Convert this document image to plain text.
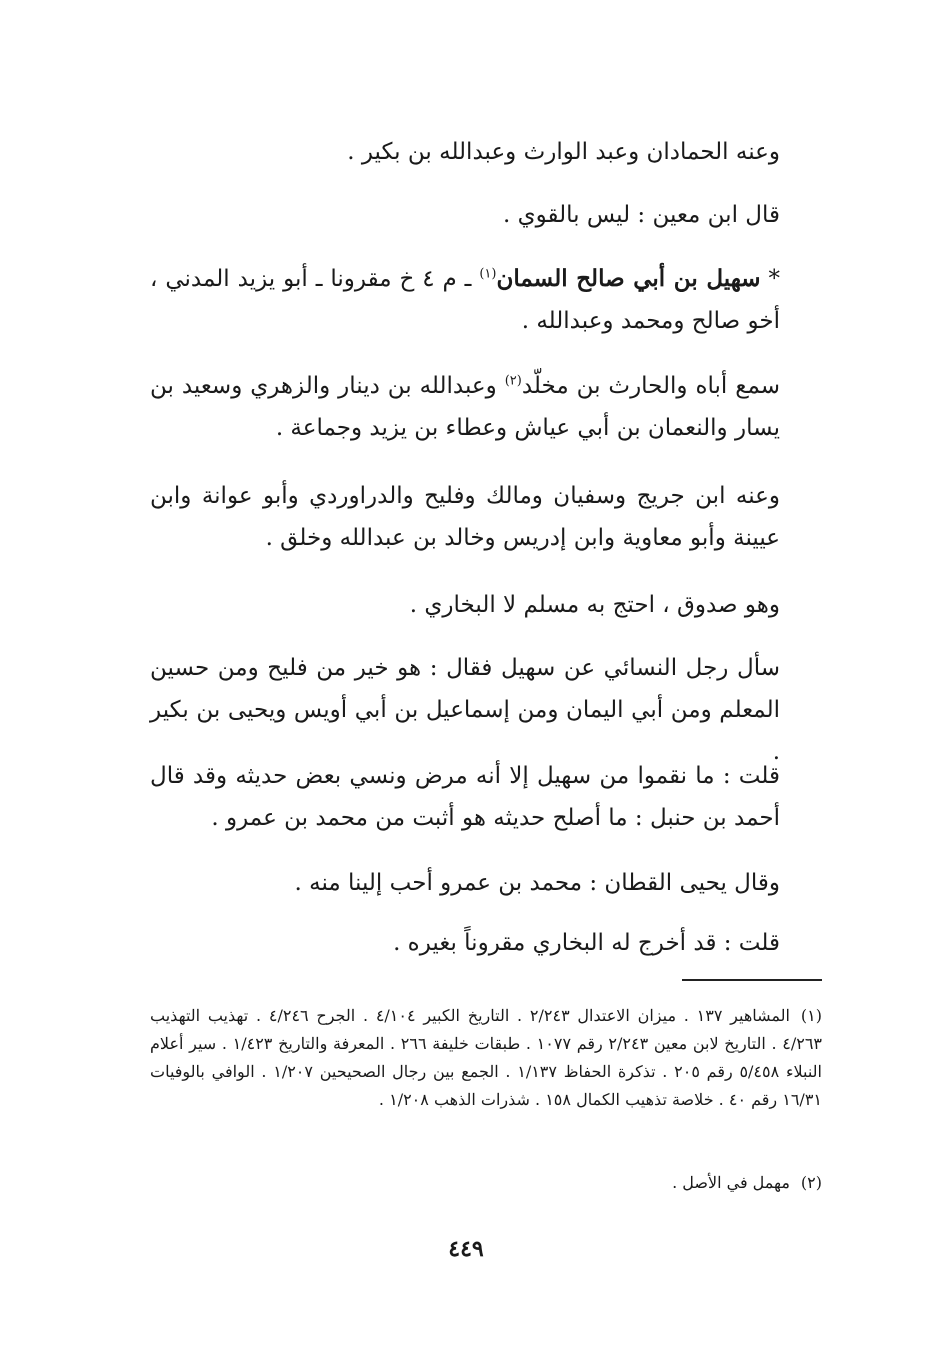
وعنه الحمادان وعبد الوارث وعبدالله بن بكير .
قال ابن معين : ليس بالقوي .
* سهيل بن أبي صالح السمان$^{(١)}$ ـ م ٤ خ مقرونا ـ أبو يزيد المدني ، أخو صالح ومحمد وعبدالله .
سمع أباه والحارث بن مخلّد$^{(٢)}$ وعبدالله بن دينار والزهري وسعيد بن يسار والنعمان بن أبي عياش وعطاء بن يزيد وجماعة .
وعنه ابن جريج وسفيان ومالك وفليح والدراوردي وأبو عوانة وابن عيينة وأبو معاوية وابن إدريس وخالد بن عبدالله وخلق .
وهو صدوق ، احتج به مسلم لا البخاري .
سأل رجل النسائي عن سهيل فقال : هو خير من فليح ومن حسين المعلم ومن أبي اليمان ومن إسماعيل بن أبي أويس ويحيى بن بكير .
قلت : ما نقموا من سهيل إلا أنه مرض ونسي بعض حديثه وقد قال أحمد بن حنبل : ما أصلح حديثه هو أثبت من محمد بن عمرو .
وقال يحيى القطان : محمد بن عمرو أحب إلينا منه .
قلت : قد أخرج له البخاري مقروناً بغيره .
(١)المشاهير ١٣٧ . ميزان الاعتدال ٢/٢٤٣ . التاريخ الكبير ٤/١٠٤ . الجرح ٤/٢٤٦ . تهذيب التهذيب ٤/٢٦٣ . التاريخ لابن معين ٢/٢٤٣ رقم ١٠٧٧ . طبقات خليفة ٢٦٦ . المعرفة والتاريخ ١/٤٢٣ . سير أعلام النبلاء ٥/٤٥٨ رقم ٢٠٥ . تذكرة الحفاظ ١/١٣٧ . الجمع بين رجال الصحيحين ١/٢٠٧ . الوافي بالوفيات ١٦/٣١ رقم ٤٠ . خلاصة تذهيب الكمال ١٥٨ . شذرات الذهب ١/٢٠٨ .
(٢)مهمل في الأصل .
٤٤٩
